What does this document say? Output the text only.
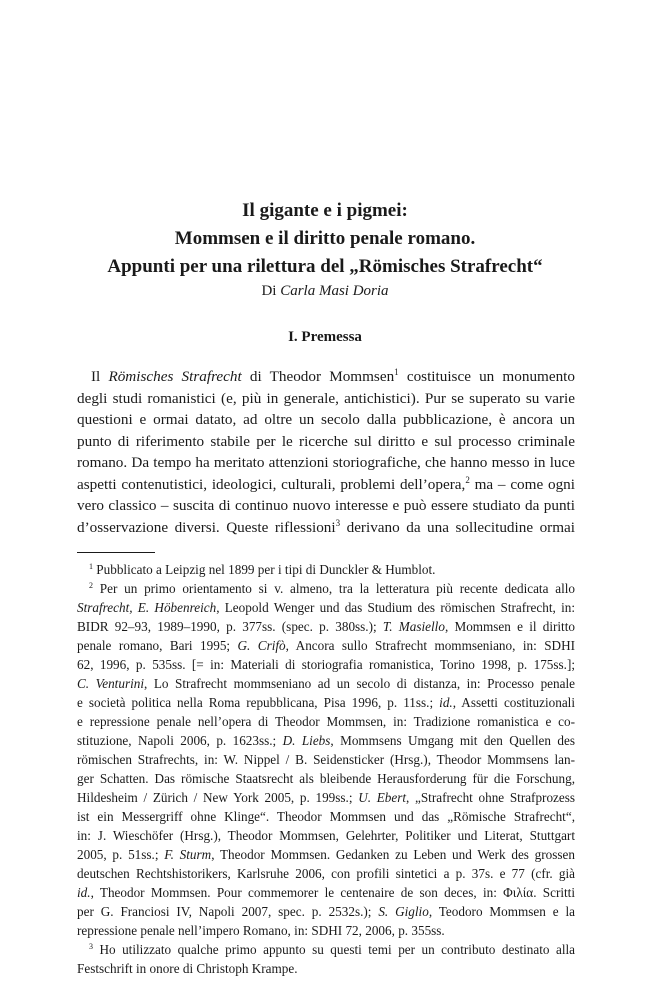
Il gigante e i pigmei:
Mommsen e il diritto penale romano.
Appunti per una rilettura del „Römisches Strafrecht“
Di Carla Masi Doria
I. Premessa
Il Römisches Strafrecht di Theodor Mommsen$^1$ costituisce un monumento
degli studi romanistici (e, più in generale, antichistici). Pur se superato su varie
questioni e ormai datato, ad oltre un secolo dalla pubblicazione, è ancora un
punto di riferimento stabile per le ricerche sul diritto e sul processo criminale
romano. Da tempo ha meritato attenzioni storiografiche, che hanno messo in luce
aspetti contenutistici, ideologici, culturali, problemi dell’opera,$^2$ ma – come ogni
vero classico – suscita di continuo nuovo interesse e può essere studiato da punti
d’osservazione diversi. Queste riflessioni$^3$ derivano da una sollecitudine ormai
$^1$ Pubblicato a Leipzig nel 1899 per i tipi di Dunckler & Humblot.
$^2$ Per un primo orientamento si v. almeno, tra la letteratura più recente dedicata allo
Strafrecht, E. Höbenreich, Leopold Wenger und das Studium des römischen Strafrecht, in:
BIDR 92–93, 1989–1990, p. 377ss. (spec. p. 380ss.); T. Masiello, Mommsen e il diritto
penale romano, Bari 1995; G. Crifò, Ancora sullo Strafrecht mommseniano, in: SDHI
62, 1996, p. 535ss. [= in: Materiali di storiografia romanistica, Torino 1998, p. 175ss.];
C. Venturini, Lo Strafrecht mommseniano ad un secolo di distanza, in: Processo penale
e società politica nella Roma repubblicana, Pisa 1996, p. 11ss.; id., Assetti costituzionali
e repressione penale nell’opera di Theodor Mommsen, in: Tradizione romanistica e co-
stituzione, Napoli 2006, p. 1623ss.; D. Liebs, Mommsens Umgang mit den Quellen des
römischen Strafrechts, in: W. Nippel / B. Seidensticker (Hrsg.), Theodor Mommsens lan-
ger Schatten. Das römische Staatsrecht als bleibende Herausforderung für die Forschung,
Hildesheim / Zürich / New York 2005, p. 199ss.; U. Ebert, „Strafrecht ohne Strafprozess
ist ein Messergriff ohne Klinge“. Theodor Mommsen und das „Römische Strafrecht“,
in: J. Wieschöfer (Hrsg.), Theodor Mommsen, Gelehrter, Politiker und Literat, Stuttgart
2005, p. 51ss.; F. Sturm, Theodor Mommsen. Gedanken zu Leben und Werk des grossen
deutschen Rechtshistorikers, Karlsruhe 2006, con profili sintetici a p. 37s. e 77 (cfr. già
id., Theodor Mommsen. Pour commemorer le centenaire de son deces, in: Φιλία. Scritti
per G. Franciosi IV, Napoli 2007, spec. p. 2532s.); S. Giglio, Teodoro Mommsen e la
repressione penale nell’impero Romano, in: SDHI 72, 2006, p. 355ss.
$^3$ Ho utilizzato qualche primo appunto su questi temi per un contributo destinato alla
Festschrift in onore di Christoph Krampe.
